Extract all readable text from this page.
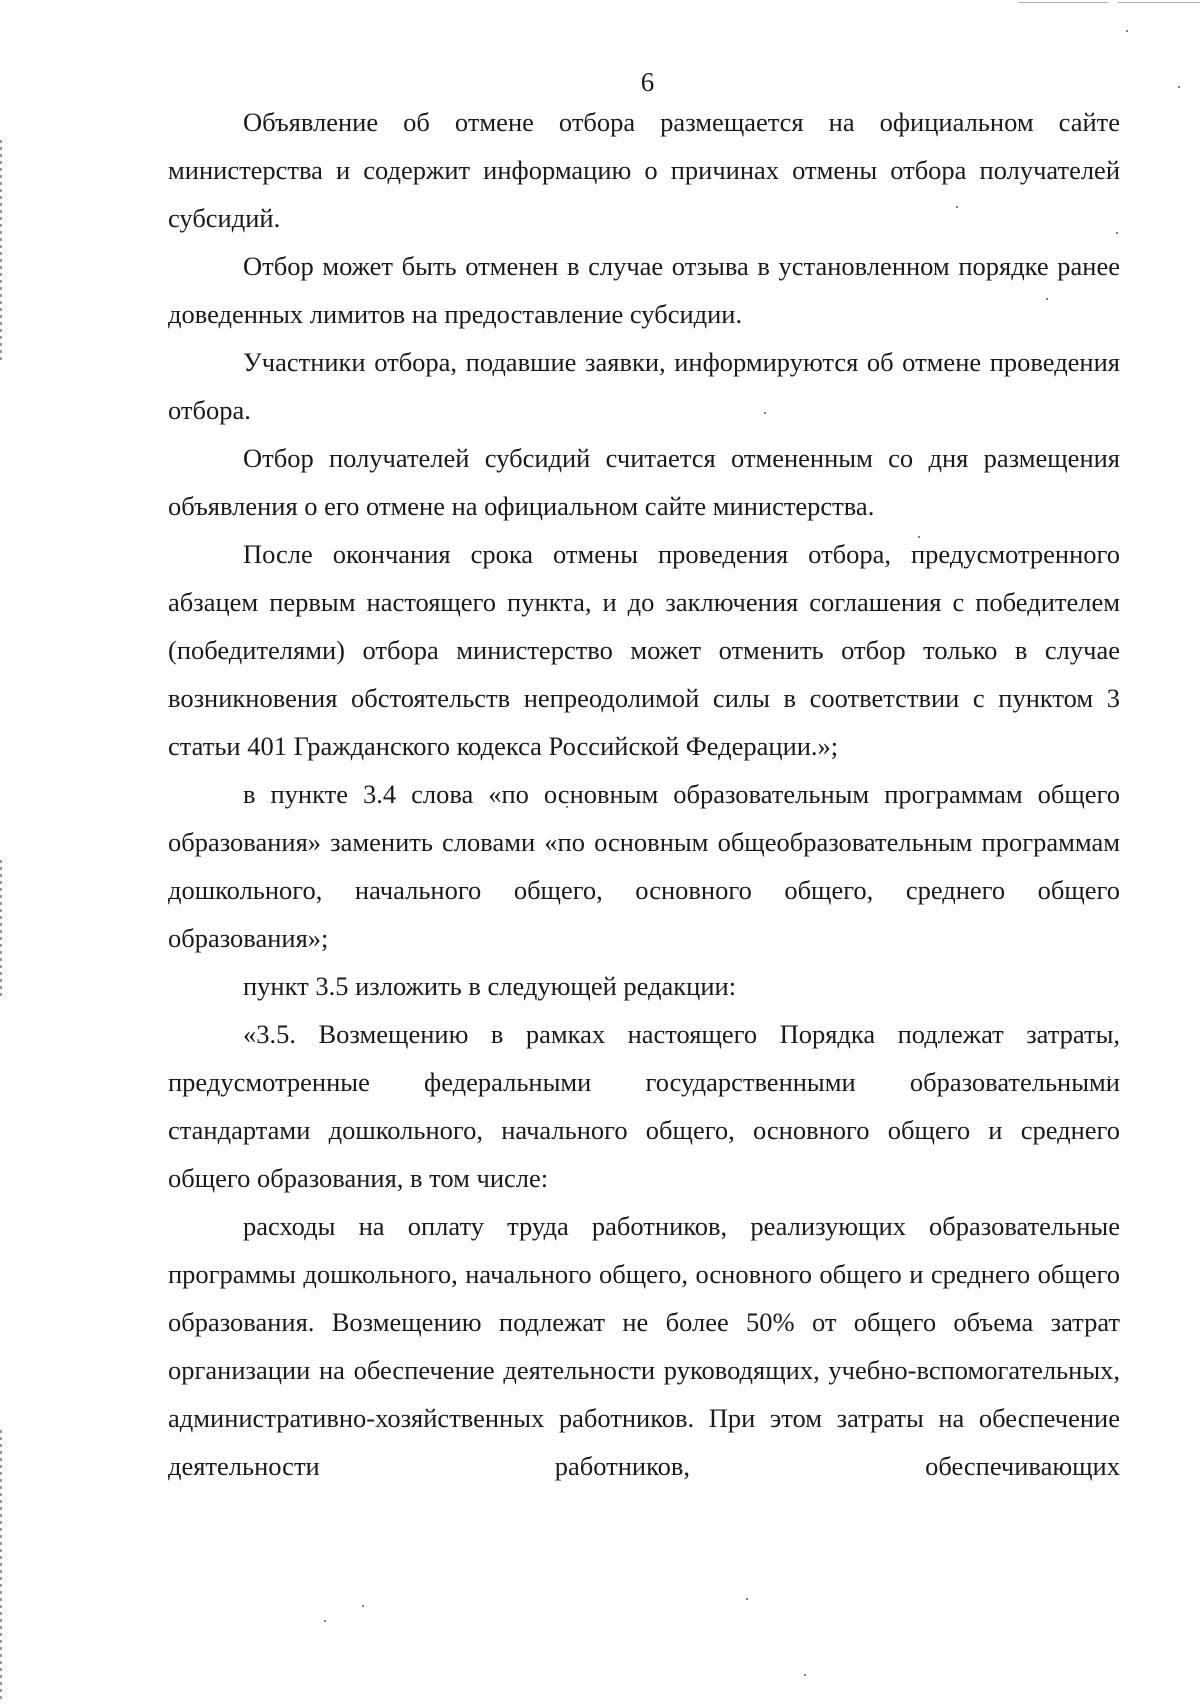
6

Объявление об отмене отбора размещается на официальном сайте министерства и содержит информацию о причинах отмены отбора получателей субсидий.

Отбор может быть отменен в случае отзыва в установленном порядке ранее доведенных лимитов на предоставление субсидии.

Участники отбора, подавшие заявки, информируются об отмене проведения отбора.

Отбор получателей субсидий считается отмененным со дня размещения объявления о его отмене на официальном сайте министерства.

После окончания срока отмены проведения отбора, предусмотренного абзацем первым настоящего пункта, и до заключения соглашения с победителем (победителями) отбора министерство может отменить отбор только в случае возникновения обстоятельств непреодолимой силы в соответствии с пунктом 3 статьи 401 Гражданского кодекса Российской Федерации.»;

в пункте 3.4 слова «по основным образовательным программам общего образования» заменить словами «по основным общеобразовательным программам дошкольного, начального общего, основного общего, среднего общего образования»;

пункт 3.5 изложить в следующей редакции:

«3.5. Возмещению в рамках настоящего Порядка подлежат затраты, предусмотренные федеральными государственными образовательными стандартами дошкольного, начального общего, основного общего и среднего общего образования, в том числе:

расходы на оплату труда работников, реализующих образовательные программы дошкольного, начального общего, основного общего и среднего общего образования. Возмещению подлежат не более 50% от общего объема затрат организации на обеспечение деятельности руководящих, учебно-вспомогательных, административно-хозяйственных работников. При этом затраты на обеспечение деятельности работников, обеспечивающих
